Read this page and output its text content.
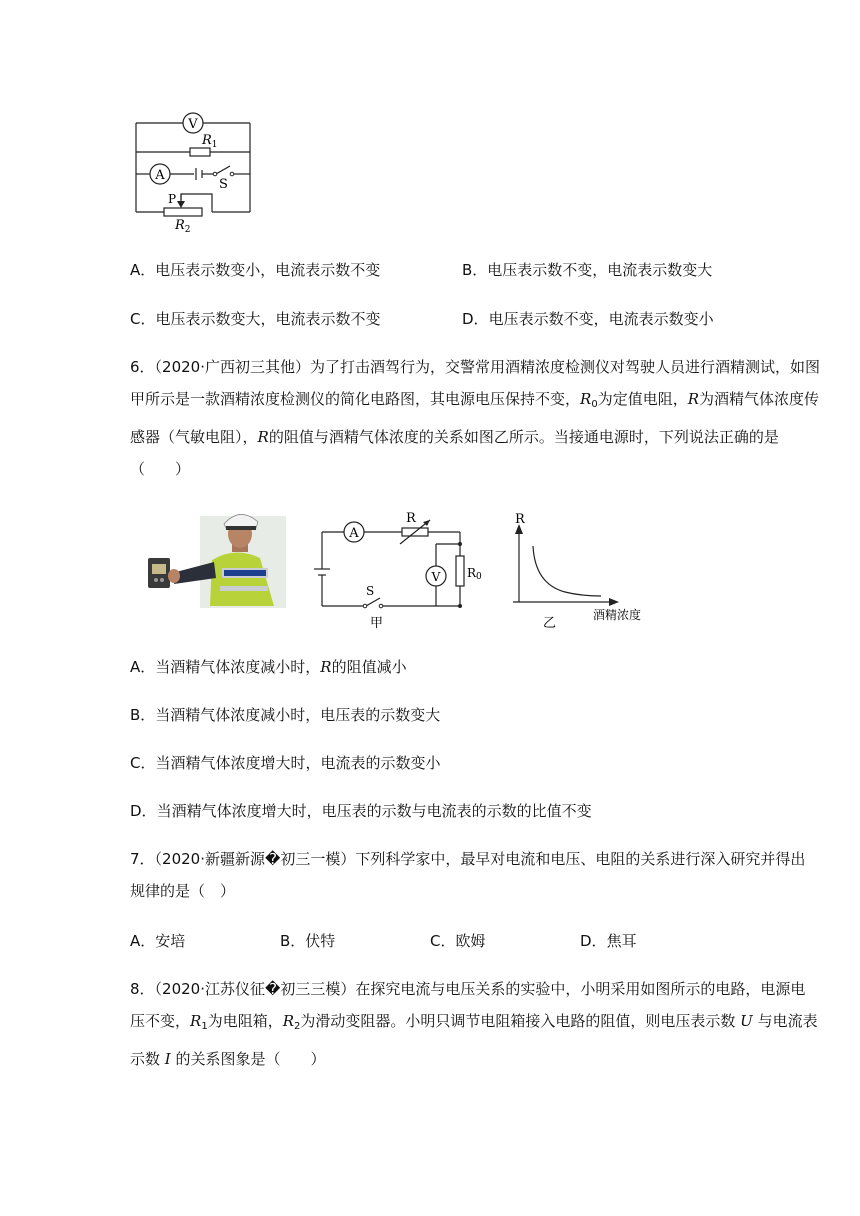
V
A
$R_1$
S
P
$R_2$
A．电压表示数变小，电流表示数不变	B．电压表示数不变，电流表示数变大
C．电压表示数变大，电流表示数不变	D．电压表示数不变，电流表示数变小
6．（2020·广西初三其他）为了打击酒驾行为，交警常用酒精浓度检测仪对驾驶人员进行酒精测试，如图甲所示是一款酒精浓度检测仪的简化电路图，其电源电压保持不变，$R_0$为定值电阻，R为酒精气体浓度传感器（气敏电阻），R的阻值与酒精气体浓度的关系如图乙所示。当接通电源时，下列说法正确的是（　　）
A
V
R
R0
S
甲
R
酒精浓度
乙
A．当酒精气体浓度减小时，R的阻值减小
B．当酒精气体浓度减小时，电压表的示数变大
C．当酒精气体浓度增大时，电流表的示数变小
D．当酒精气体浓度增大时，电压表的示数与电流表的示数的比值不变
7．（2020·新疆新源�初三一模）下列科学家中，最早对电流和电压、电阻的关系进行深入研究并得出规律的是（　）
A．安培	B．伏特	C．欧姆	D．焦耳
8．（2020·江苏仪征�初三三模）在探究电流与电压关系的实验中，小明采用如图所示的电路，电源电压不变，$R_1$为电阻箱，$R_2$为滑动变阻器。小明只调节电阻箱接入电路的阻值，则电压表示数 U 与电流表示数 I 的关系图象是（　　）
